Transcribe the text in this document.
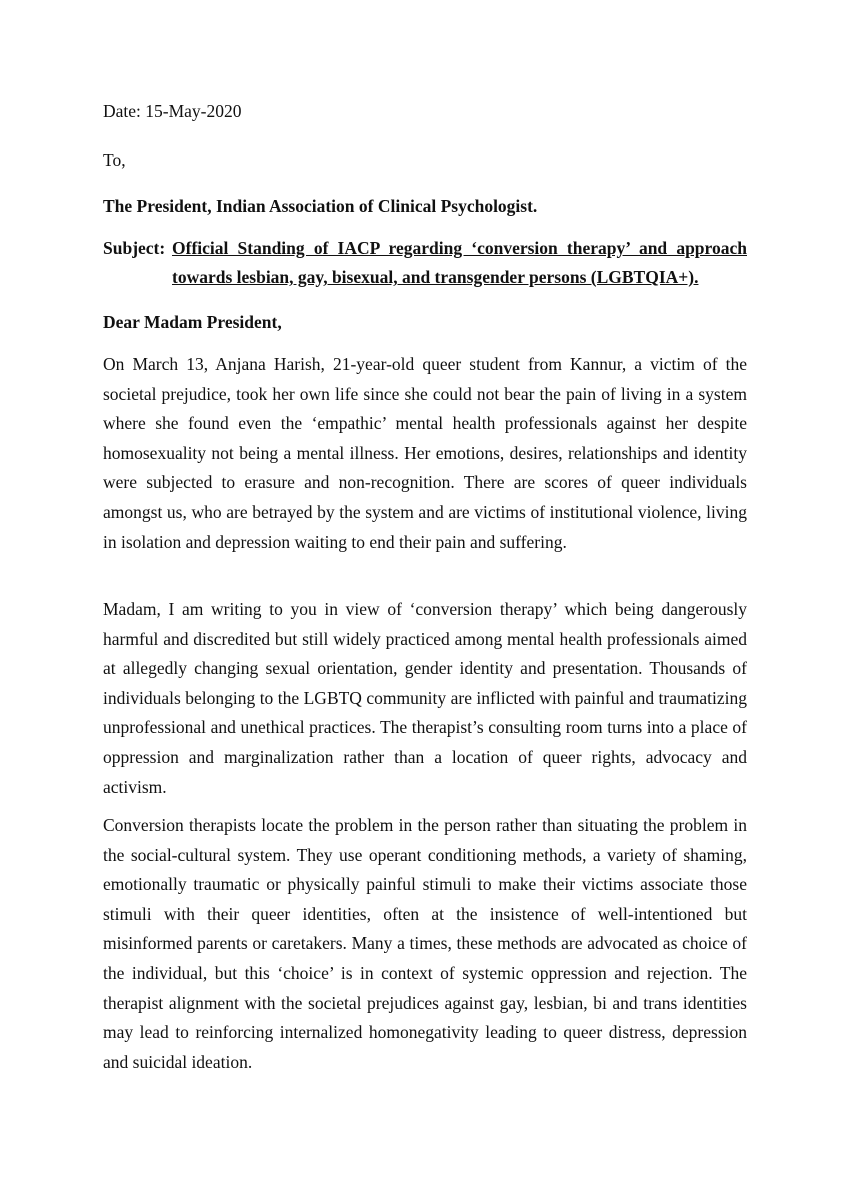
Date: 15-May-2020
To,
The President, Indian Association of Clinical Psychologist.
Subject: Official Standing of IACP regarding ‘conversion therapy’ and approach towards lesbian, gay, bisexual, and transgender persons (LGBTQIA+).
Dear Madam President,
On March 13, Anjana Harish, 21-year-old queer student from Kannur, a victim of the societal prejudice, took her own life since she could not bear the pain of living in a system where she found even the ‘empathic’ mental health professionals against her despite homosexuality not being a mental illness. Her emotions, desires, relationships and identity were subjected to erasure and non-recognition. There are scores of queer individuals amongst us, who are betrayed by the system and are victims of institutional violence, living in isolation and depression waiting to end their pain and suffering.
Madam, I am writing to you in view of ‘conversion therapy’ which being dangerously harmful and discredited but still widely practiced among mental health professionals aimed at allegedly changing sexual orientation, gender identity and presentation. Thousands of individuals belonging to the LGBTQ community are inflicted with painful and traumatizing unprofessional and unethical practices. The therapist’s consulting room turns into a place of oppression and marginalization rather than a location of queer rights, advocacy and activism.
Conversion therapists locate the problem in the person rather than situating the problem in the social-cultural system. They use operant conditioning methods, a variety of shaming, emotionally traumatic or physically painful stimuli to make their victims associate those stimuli with their queer identities, often at the insistence of well-intentioned but misinformed parents or caretakers. Many a times, these methods are advocated as choice of the individual, but this ‘choice’ is in context of systemic oppression and rejection. The therapist alignment with the societal prejudices against gay, lesbian, bi and trans identities may lead to reinforcing internalized homonegativity leading to queer distress, depression and suicidal ideation.
